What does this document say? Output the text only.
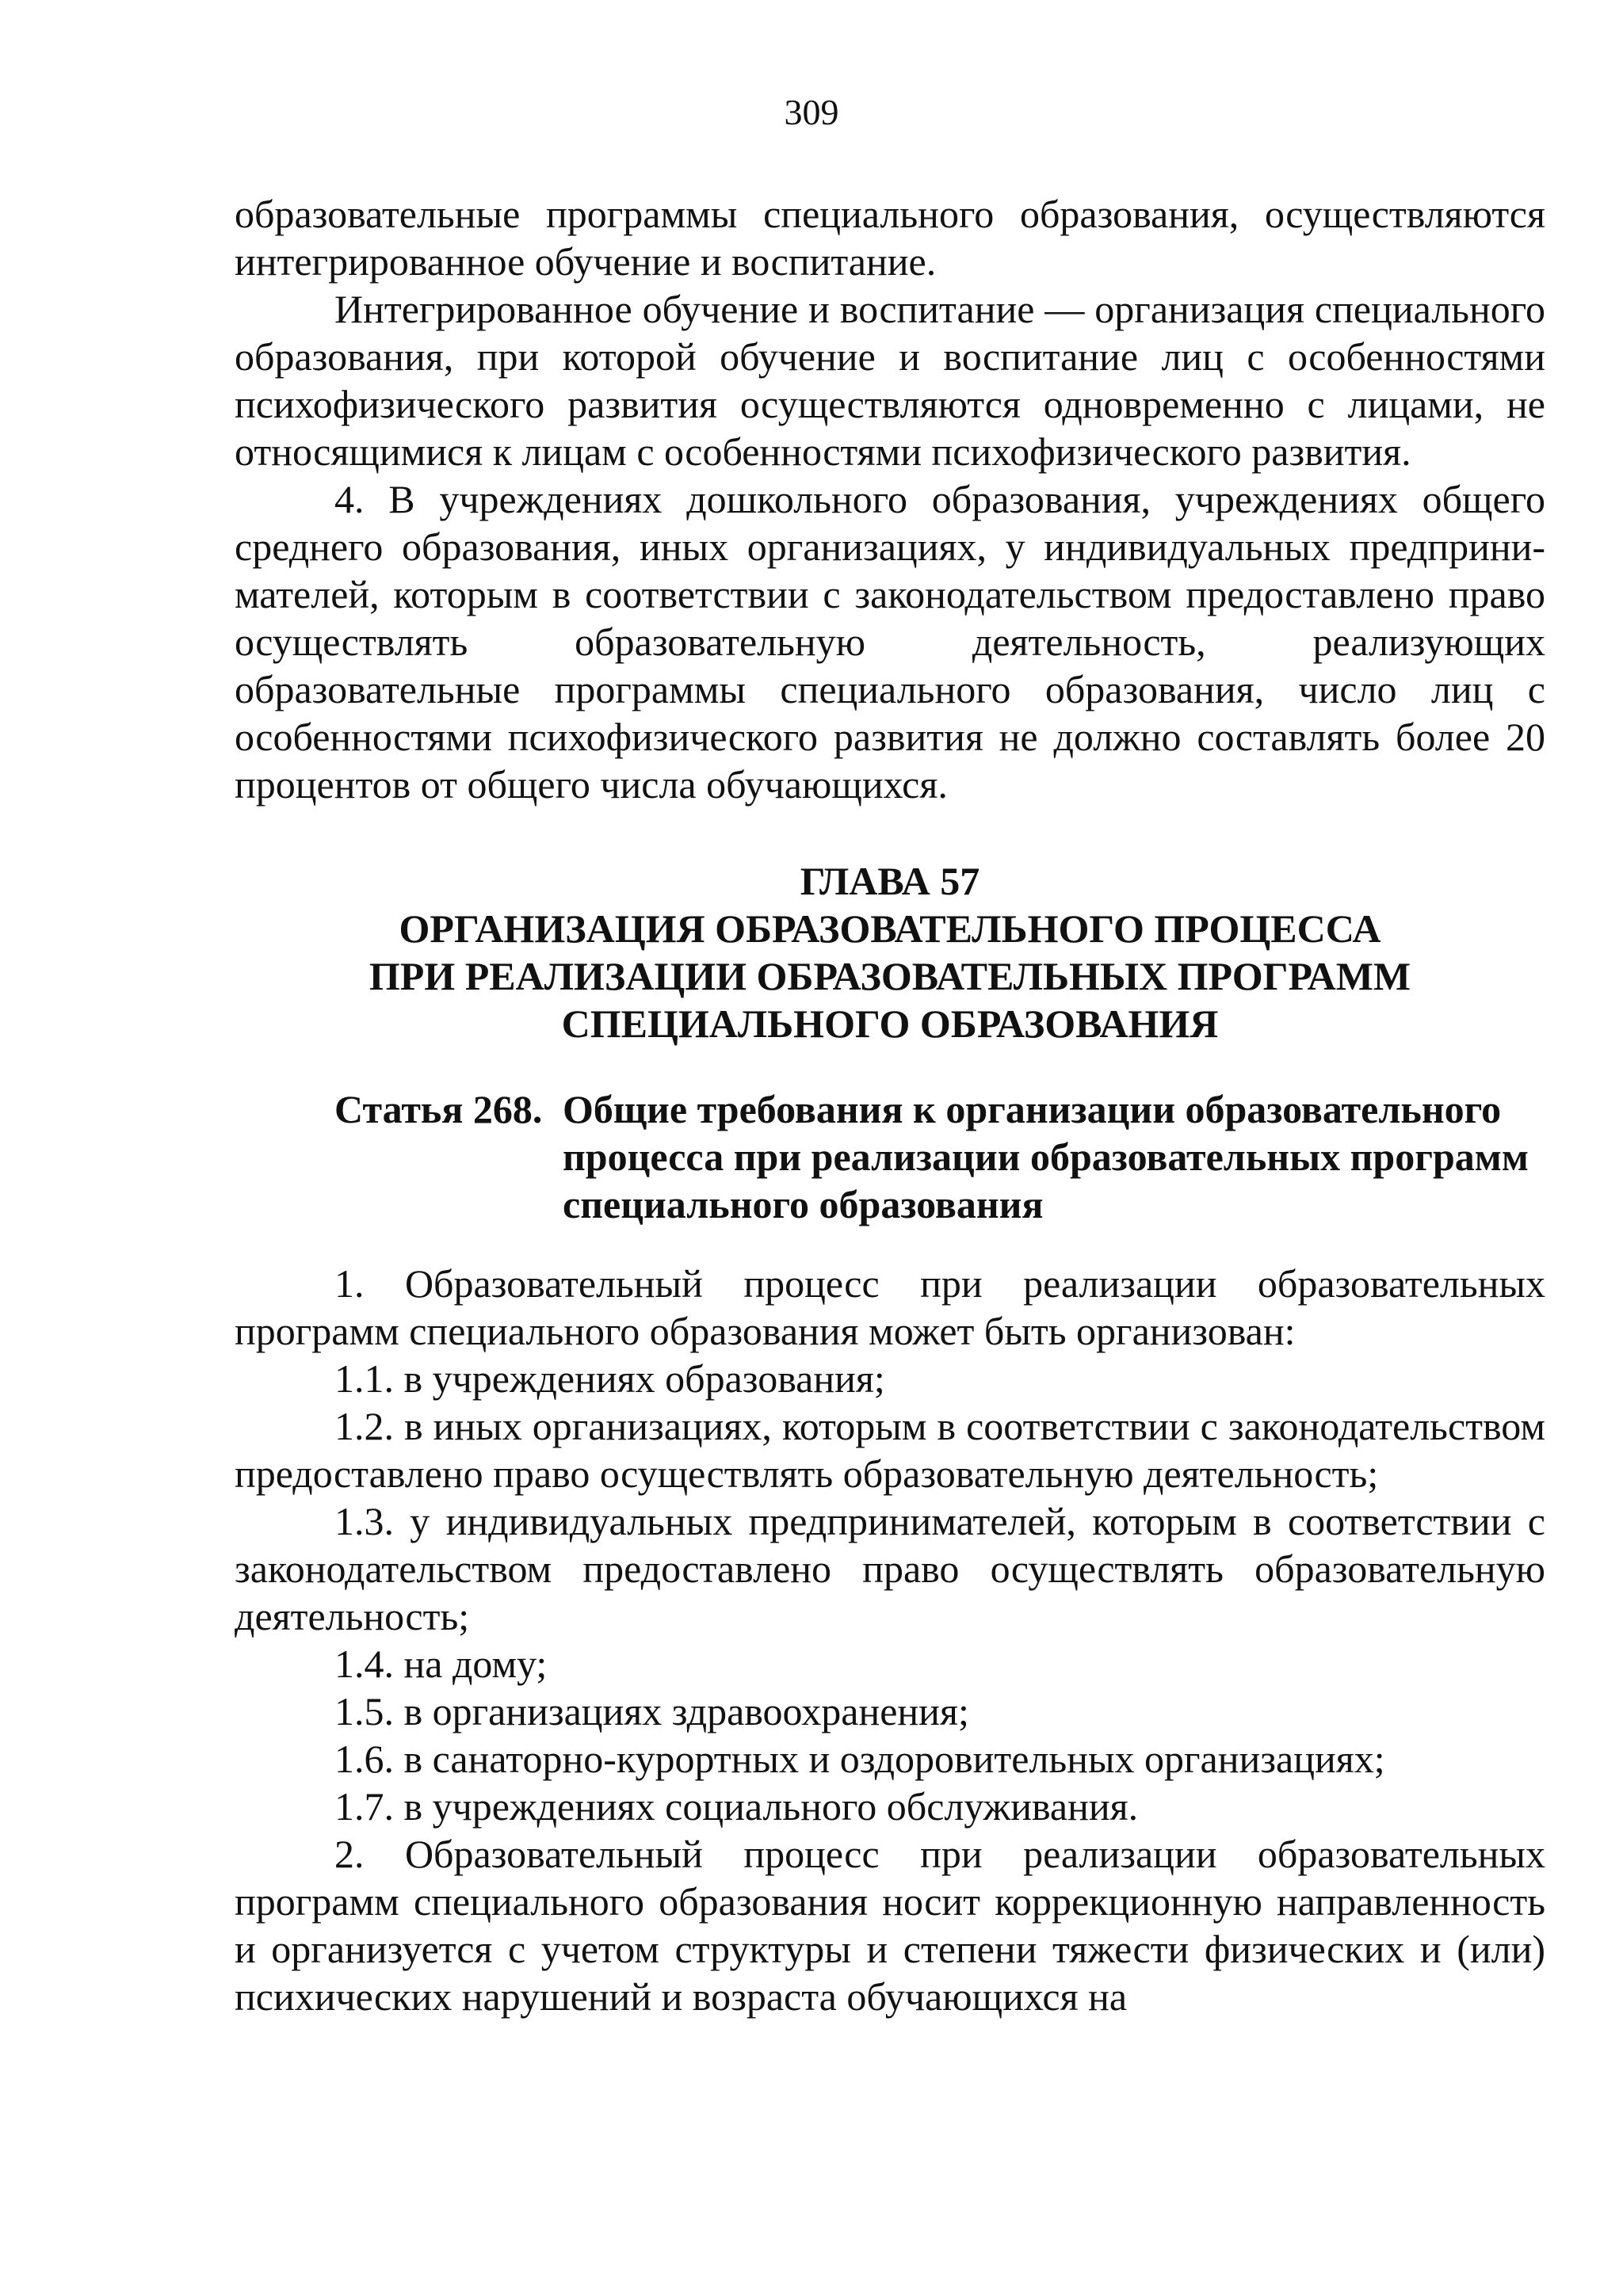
309

образовательные программы специального образования, осуществляются интегрированное обучение и воспитание.

Интегрированное обучение и воспитание — организация специального образования, при которой обучение и воспитание лиц с особенностями психофизического развития осуществляются одновременно с лицами, не относящимися к лицам с особенностями психофизического развития.

4. В учреждениях дошкольного образования, учреждениях общего среднего образования, иных организациях, у индивидуальных предпринимателей, которым в соответствии с законодательством предоставлено право осуществлять образовательную деятельность, реализующих образовательные программы специального образования, число лиц с особенностями психофизического развития не должно составлять более 20 процентов от общего числа обучающихся.

ГЛАВА 57
ОРГАНИЗАЦИЯ ОБРАЗОВАТЕЛЬНОГО ПРОЦЕССА
ПРИ РЕАЛИЗАЦИИ ОБРАЗОВАТЕЛЬНЫХ ПРОГРАММ
СПЕЦИАЛЬНОГО ОБРАЗОВАНИЯ
Статья 268. Общие требования к организации образовательного процесса при реализации образовательных программ специального образования

1. Образовательный процесс при реализации образовательных программ специального образования может быть организован:

1.1. в учреждениях образования;

1.2. в иных организациях, которым в соответствии с законодательством предоставлено право осуществлять образовательную деятельность;

1.3. у индивидуальных предпринимателей, которым в соответствии с законодательством предоставлено право осуществлять образовательную деятельность;

1.4. на дому;

1.5. в организациях здравоохранения;

1.6. в санаторно-курортных и оздоровительных организациях;

1.7. в учреждениях социального обслуживания.

2. Образовательный процесс при реализации образовательных программ специального образования носит коррекционную направленность и организуется с учетом структуры и степени тяжести физических и (или) психических нарушений и возраста обучающихся на
